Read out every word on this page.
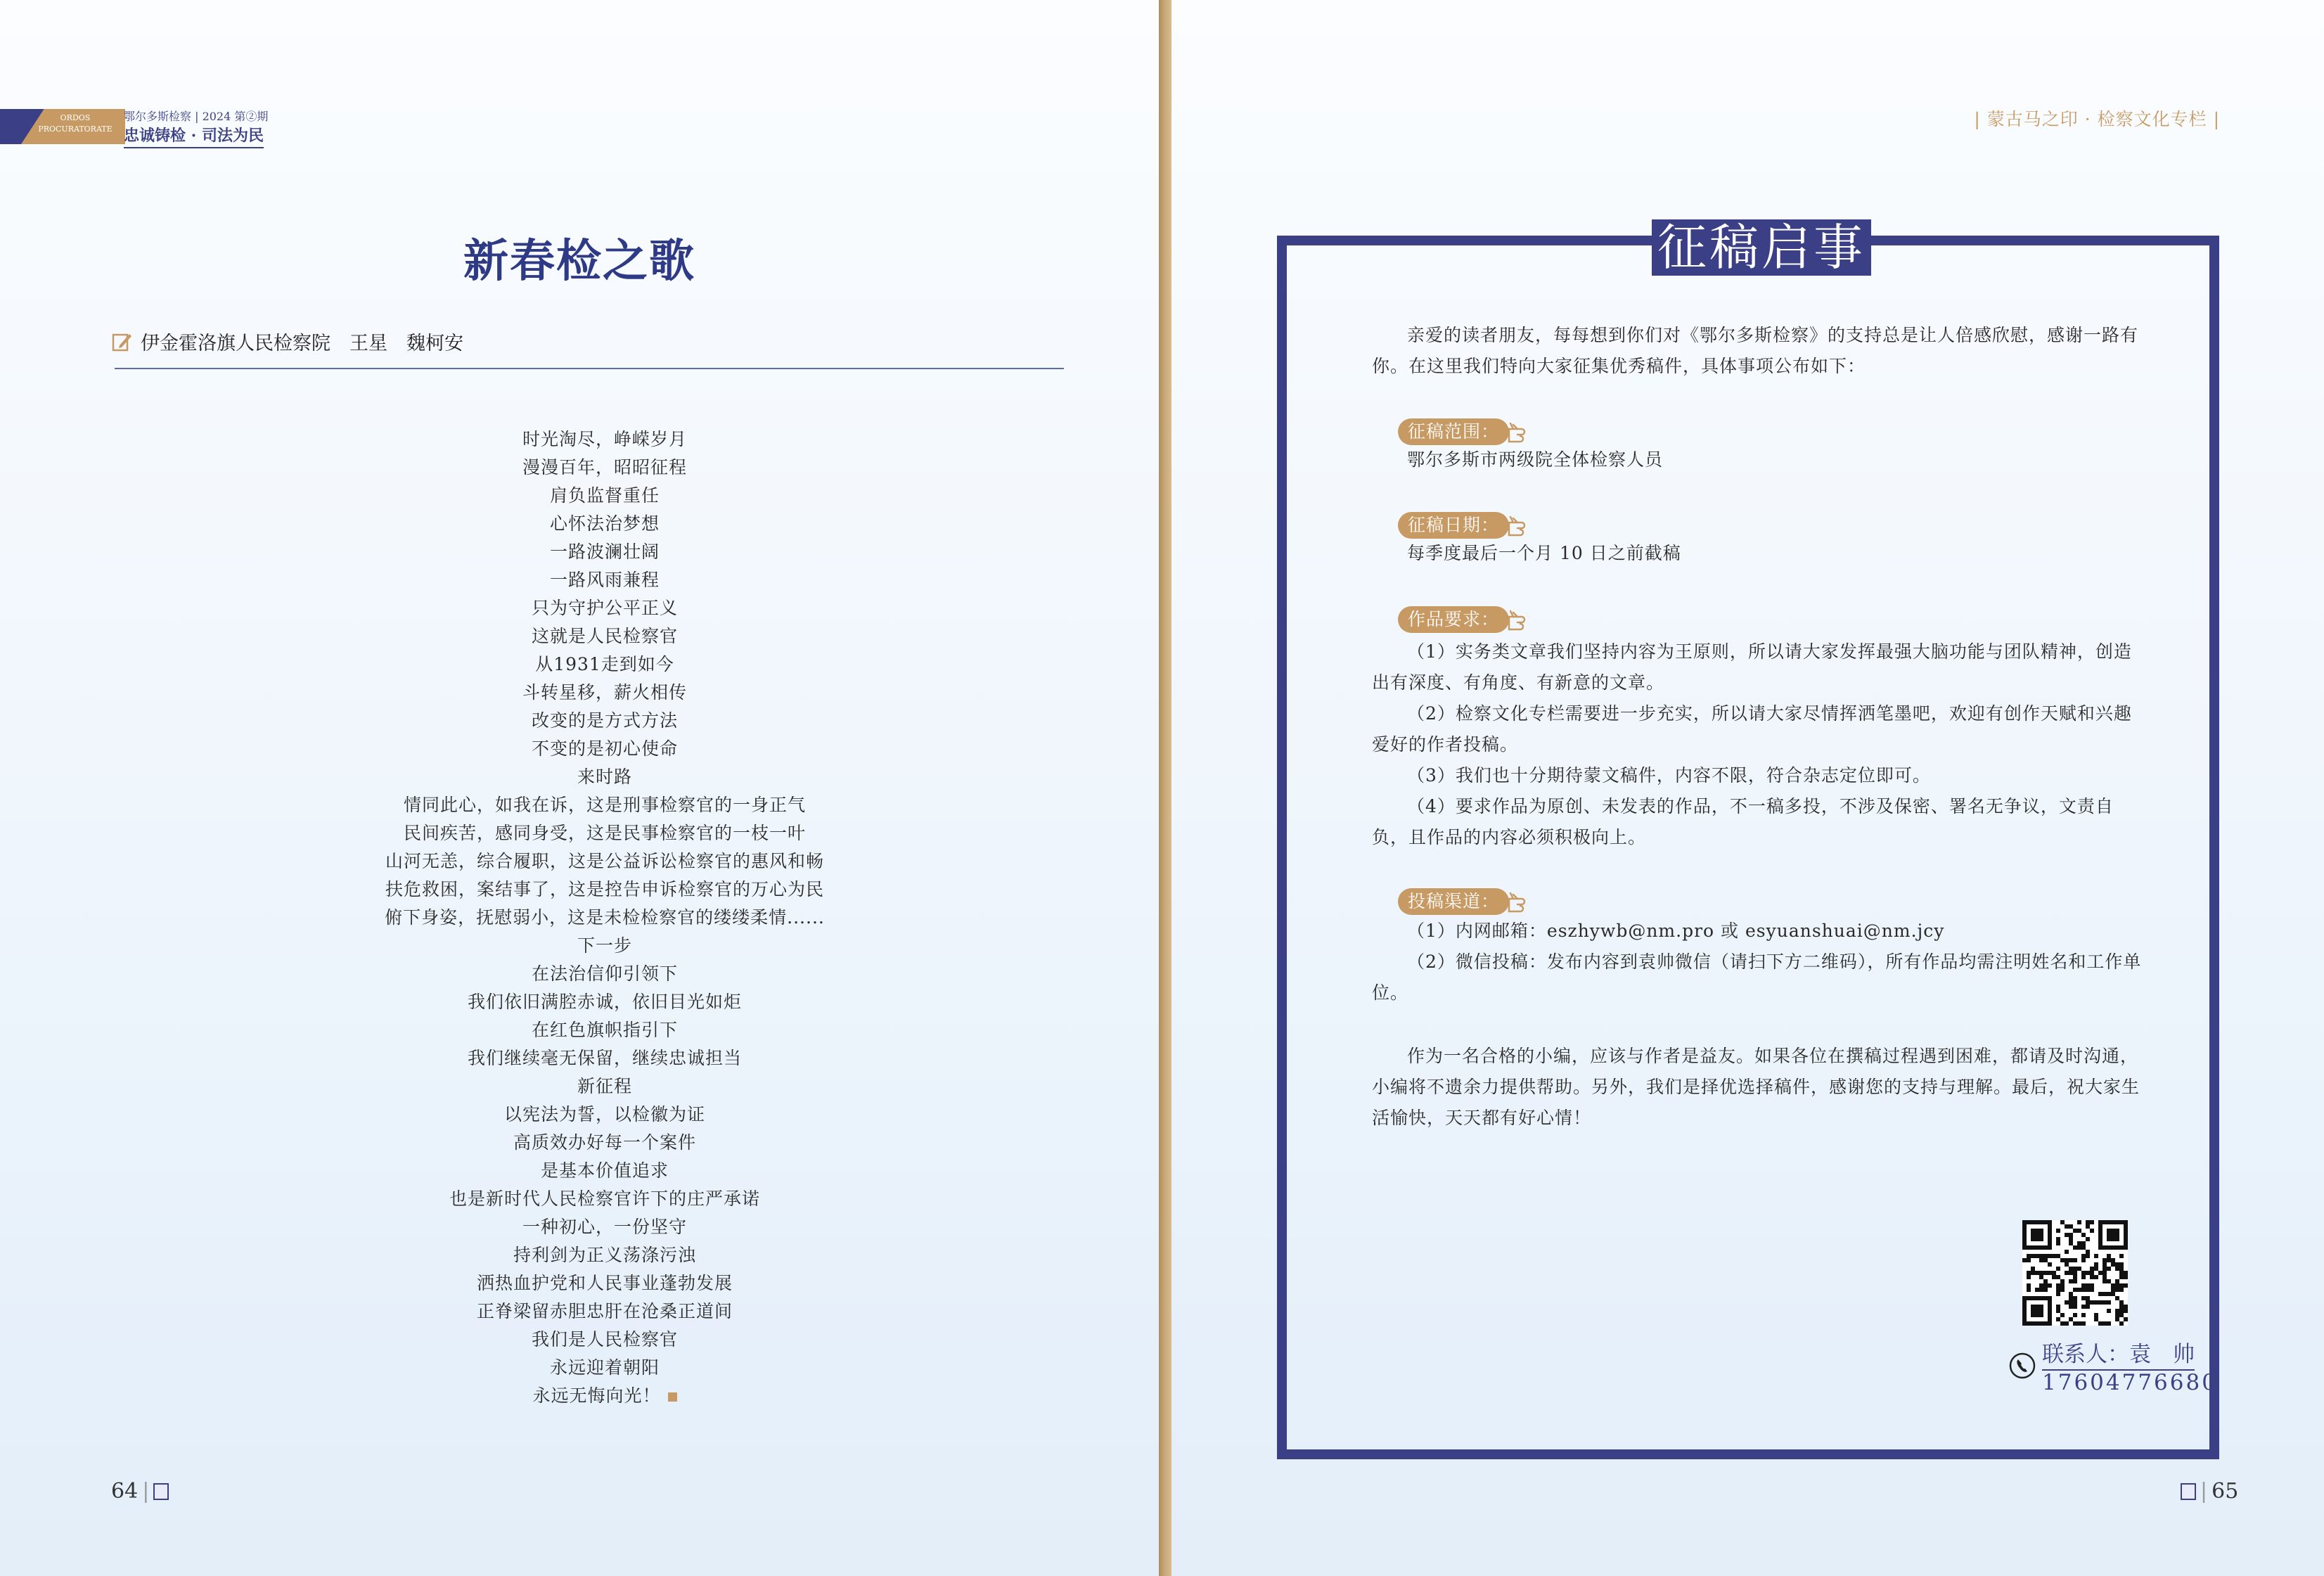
ORDOS PROCURATORATE
鄂尔多斯检察 | 2024 第②期
忠诚铸检 · 司法为民
新春检之歌
伊金霍洛旗人民检察院　王星　魏柯安
时光淘尽，峥嵘岁月
漫漫百年，昭昭征程
肩负监督重任
心怀法治梦想
一路波澜壮阔
一路风雨兼程
只为守护公平正义
这就是人民检察官
从1931走到如今
斗转星移，薪火相传
改变的是方式方法
不变的是初心使命
来时路
情同此心，如我在诉，这是刑事检察官的一身正气
民间疾苦，感同身受，这是民事检察官的一枝一叶
山河无恙，综合履职，这是公益诉讼检察官的惠风和畅
扶危救困，案结事了，这是控告申诉检察官的万心为民
俯下身姿，抚慰弱小，这是未检检察官的缕缕柔情......
下一步
在法治信仰引领下
我们依旧满腔赤诚，依旧目光如炬
在红色旗帜指引下
我们继续毫无保留，继续忠诚担当
新征程
以宪法为誓，以检徽为证
高质效办好每一个案件
是基本价值追求
也是新时代人民检察官许下的庄严承诺
一种初心，一份坚守
持利剑为正义荡涤污浊
洒热血护党和人民事业蓬勃发展
正脊梁留赤胆忠肝在沧桑正道间
我们是人民检察官
永远迎着朝阳
永远无悔向光！
64 |
| 蒙古马之印 · 检察文化专栏 |
征稿启事
亲爱的读者朋友，每每想到你们对《鄂尔多斯检察》的支持总是让人倍感欣慰，感谢一路有你。在这里我们特向大家征集优秀稿件，具体事项公布如下：
征稿范围：
鄂尔多斯市两级院全体检察人员
征稿日期：
每季度最后一个月 10 日之前截稿
作品要求：
（1）实务类文章我们坚持内容为王原则，所以请大家发挥最强大脑功能与团队精神，创造出有深度、有角度、有新意的文章。
（2）检察文化专栏需要进一步充实，所以请大家尽情挥洒笔墨吧，欢迎有创作天赋和兴趣爱好的作者投稿。
（3）我们也十分期待蒙文稿件，内容不限，符合杂志定位即可。
（4）要求作品为原创、未发表的作品，不一稿多投，不涉及保密、署名无争议，文责自负，且作品的内容必须积极向上。
投稿渠道：
（1）内网邮箱：eszhywb@nm.pro 或 esyuanshuai@nm.jcy
（2）微信投稿：发布内容到袁帅微信（请扫下方二维码），所有作品均需注明姓名和工作单位。
作为一名合格的小编，应该与作者是益友。如果各位在撰稿过程遇到困难，都请及时沟通，小编将不遗余力提供帮助。另外，我们是择优选择稿件，感谢您的支持与理解。最后，祝大家生活愉快，天天都有好心情！
联系人：袁　帅
17604776680
| 65
